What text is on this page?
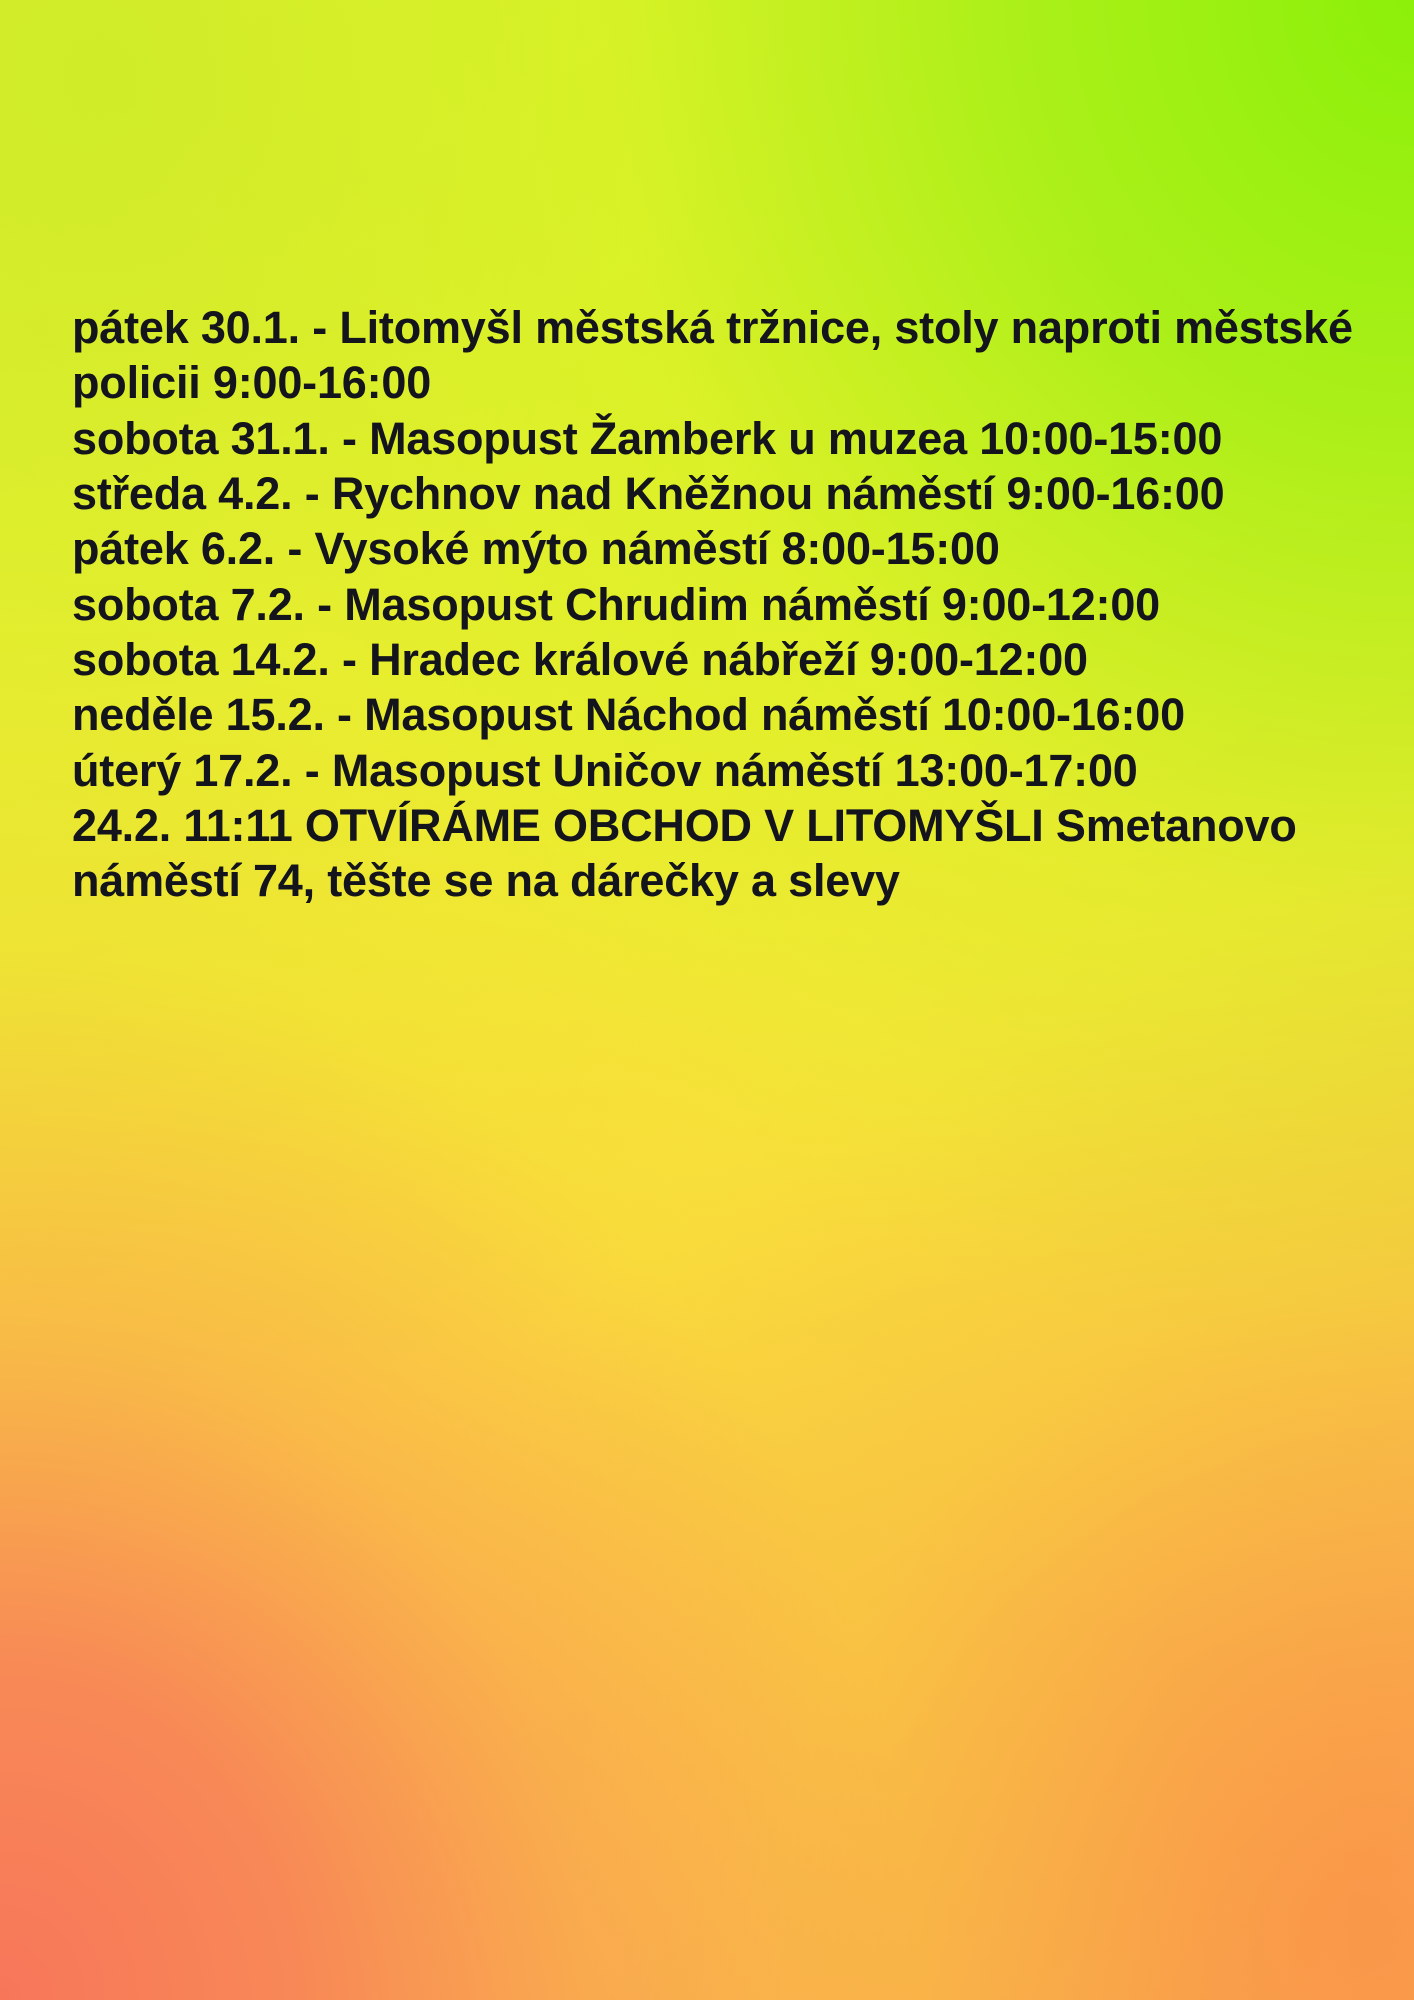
pátek 30.1. - Litomyšl městská tržnice, stoly naproti městské policii 9:00-16:00
sobota 31.1. - Masopust Žamberk u muzea 10:00-15:00
středa 4.2. - Rychnov nad Kněžnou náměstí 9:00-16:00
pátek 6.2. - Vysoké mýto náměstí 8:00-15:00
sobota 7.2. - Masopust Chrudim náměstí 9:00-12:00
sobota 14.2. - Hradec králové nábřeží 9:00-12:00
neděle 15.2. - Masopust Náchod náměstí 10:00-16:00
úterý 17.2. - Masopust Uničov náměstí 13:00-17:00
24.2. 11:11 OTVÍRÁME OBCHOD V LITOMYŠLI Smetanovo náměstí 74, těšte se na dárečky a slevy
